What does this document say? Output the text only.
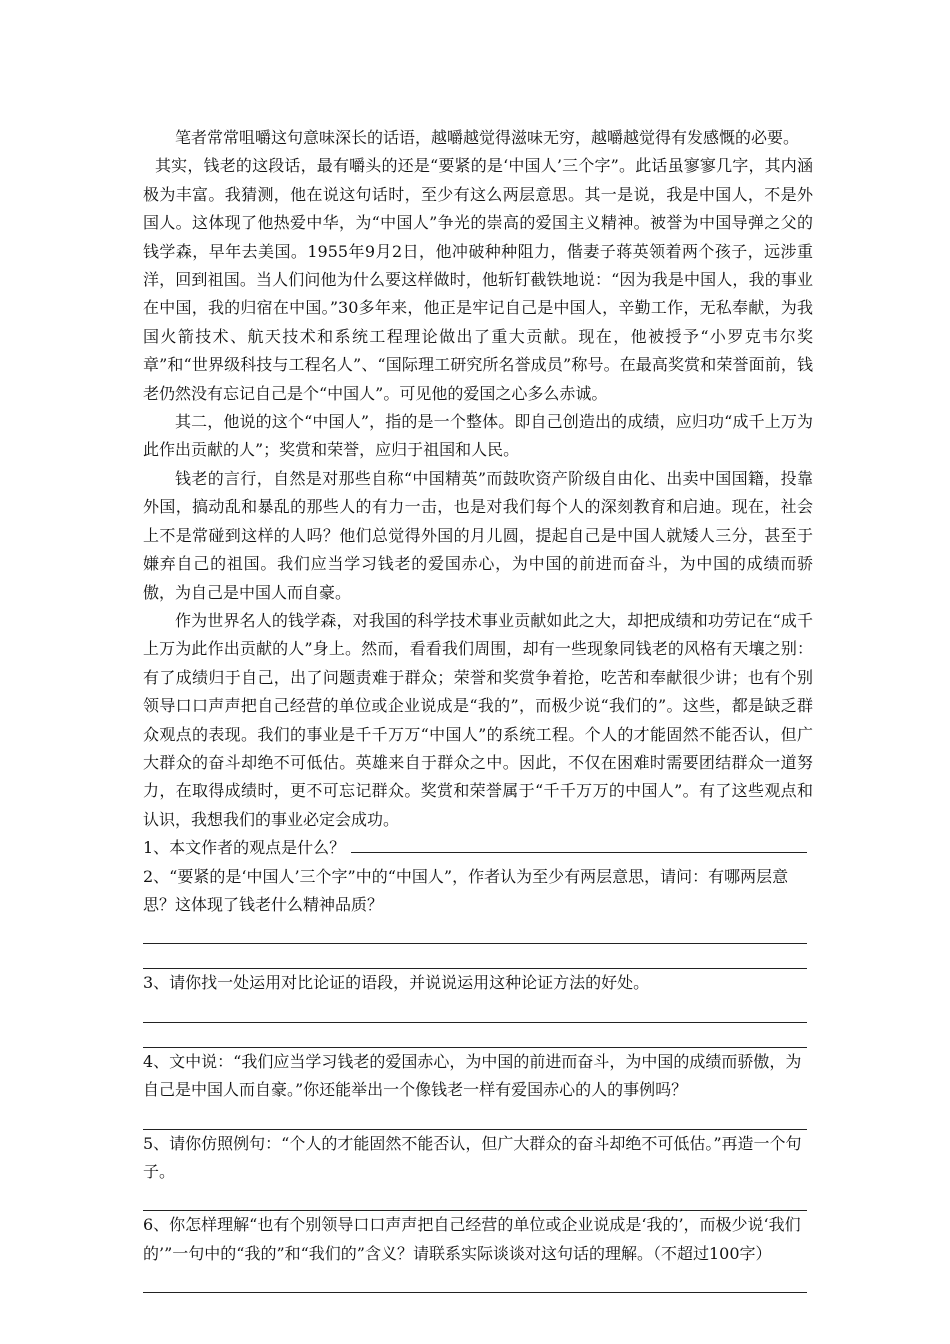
笔者常常咀嚼这句意味深长的话语，越嚼越觉得滋味无穷，越嚼越觉得有发感慨的必要。

其实，钱老的这段话，最有嚼头的还是“要紧的是‘中国人’三个字”。此话虽寥寥几字，其内涵极为丰富。我猜测，他在说这句话时，至少有这么两层意思。其一是说，我是中国人，不是外国人。这体现了他热爱中华，为“中国人”争光的崇高的爱国主义精神。被誉为中国导弹之父的钱学森，早年去美国。1955年9月2日，他冲破种种阻力，偕妻子蒋英领着两个孩子，远涉重洋，回到祖国。当人们问他为什么要这样做时，他斩钉截铁地说：“因为我是中国人，我的事业在中国，我的归宿在中国。”30多年来，他正是牢记自己是中国人，辛勤工作，无私奉献，为我国火箭技术、航天技术和系统工程理论做出了重大贡献。现在，他被授予“小罗克韦尔奖章”和“世界级科技与工程名人”、“国际理工研究所名誉成员”称号。在最高奖赏和荣誉面前，钱老仍然没有忘记自己是个“中国人”。可见他的爱国之心多么赤诚。

其二，他说的这个“中国人”，指的是一个整体。即自己创造出的成绩，应归功“成千上万为此作出贡献的人”；奖赏和荣誉，应归于祖国和人民。

钱老的言行，自然是对那些自称“中国精英”而鼓吹资产阶级自由化、出卖中国国籍，投靠外国，搞动乱和暴乱的那些人的有力一击，也是对我们每个人的深刻教育和启迪。现在，社会上不是常碰到这样的人吗？他们总觉得外国的月儿圆，提起自己是中国人就矮人三分，甚至于嫌弃自己的祖国。我们应当学习钱老的爱国赤心，为中国的前进而奋斗，为中国的成绩而骄傲，为自己是中国人而自豪。

作为世界名人的钱学森，对我国的科学技术事业贡献如此之大，却把成绩和功劳记在“成千上万为此作出贡献的人”身上。然而，看看我们周围，却有一些现象同钱老的风格有天壤之别：有了成绩归于自己，出了问题责难于群众；荣誉和奖赏争着抢，吃苦和奉献很少讲；也有个别领导口口声声把自己经营的单位或企业说成是“我的”，而极少说“我们的”。这些，都是缺乏群众观点的表现。我们的事业是千千万万“中国人”的系统工程。个人的才能固然不能否认，但广大群众的奋斗却绝不可低估。英雄来自于群众之中。因此，不仅在困难时需要团结群众一道努力，在取得成绩时，更不可忘记群众。奖赏和荣誉属于“千千万万的中国人”。有了这些观点和认识，我想我们的事业必定会成功。

1、本文作者的观点是什么？

2、“要紧的是‘中国人’三个字”中的“中国人”，作者认为至少有两层意思，请问：有哪两层意思？这体现了钱老什么精神品质？

3、请你找一处运用对比论证的语段，并说说运用这种论证方法的好处。

4、文中说：“我们应当学习钱老的爱国赤心，为中国的前进而奋斗，为中国的成绩而骄傲，为自己是中国人而自豪。”你还能举出一个像钱老一样有爱国赤心的人的事例吗？

5、请你仿照例句：“个人的才能固然不能否认，但广大群众的奋斗却绝不可低估。”再造一个句子。

6、你怎样理解“也有个别领导口口声声把自己经营的单位或企业说成是‘我的’，而极少说‘我们的’”一句中的“我的”和“我们的”含义？请联系实际谈谈对这句话的理解。（不超过100字）
